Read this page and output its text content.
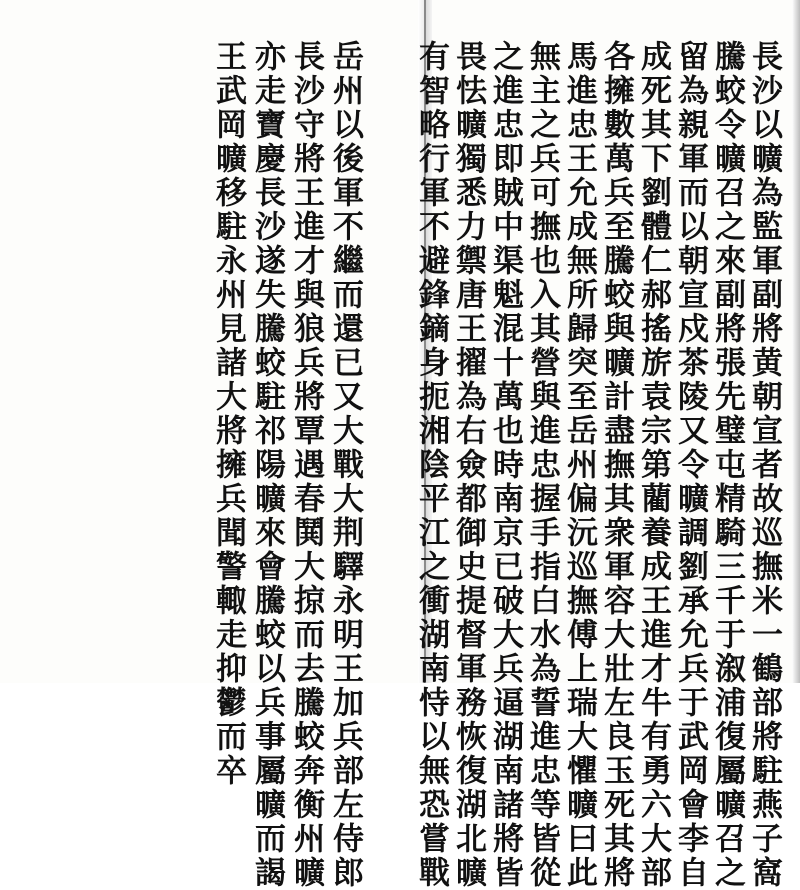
長沙以曠為監軍副將黄朝宣者故巡撫米一鶴部將駐燕子窩
騰蛟令曠召之來副將張先璧屯精騎三千于溆浦復屬曠召之
留為親軍而以朝宣戍茶陵又令曠調劉承允兵于武岡會李自
成死其下劉體仁郝搖旂袁宗第藺養成王進才牛有勇六大部
各擁數萬兵至騰蛟與曠計盡撫其衆軍容大壯左良玉死其將
馬進忠王允成無所歸突至岳州偏沅巡撫傅上瑞大懼曠曰此
無主之兵可撫也入其營與進忠握手指白水為誓進忠等皆從
之進忠即賊中渠魁混十萬也時南京已破大兵逼湖南諸將皆
畏怯曠獨悉力禦唐王擢為右僉都御史提督軍務恢復湖北曠
有智略行軍不避鋒鏑身扼湘陰平江之衝湖南恃以無恐嘗戰
岳州以後軍不繼而還已又大戰大荆驛永明王加兵部左侍郎
長沙守將王進才與狼兵將覃遇春鬨大掠而去騰蛟奔衡州曠
亦走寶慶長沙遂失騰蛟駐祁陽曠來會騰蛟以兵事屬曠而謁
王武岡曠移駐永州見諸大將擁兵聞警輙走抑鬱而卒
